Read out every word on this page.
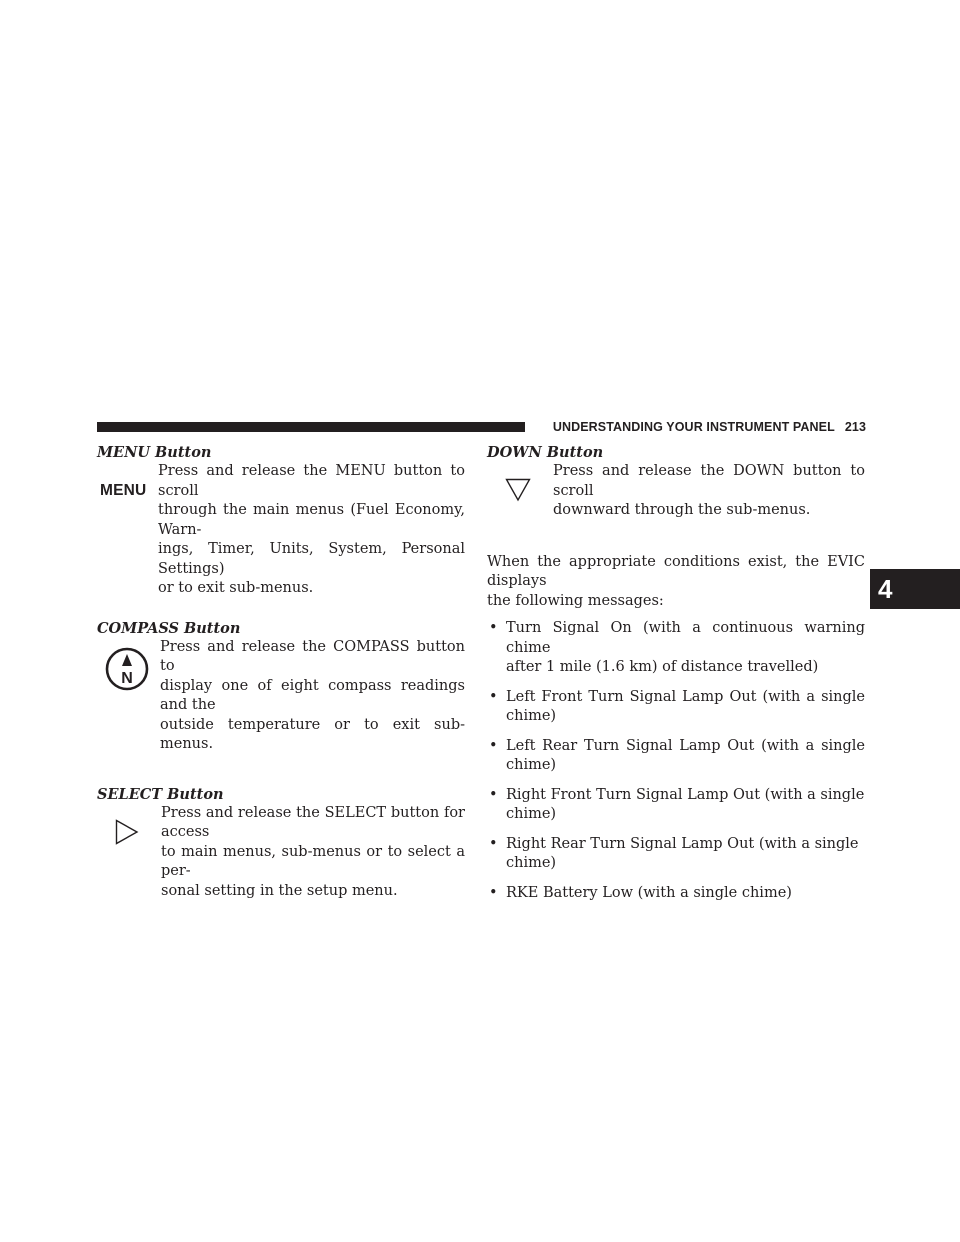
UNDERSTANDING YOUR INSTRUMENT PANEL 213
4
MENU Button
MENU
Press and release the MENU button to scroll
through the main menus (Fuel Economy, Warn-
ings, Timer, Units, System, Personal Settings)
or to exit sub-menus.
COMPASS Button
N
Press and release the COMPASS button to
display one of eight compass readings and the
outside temperature or to exit sub-menus.
SELECT Button
Press and release the SELECT button for access
to main menus, sub-menus or to select a per-
sonal setting in the setup menu.
DOWN Button
Press and release the DOWN button to scroll
downward through the sub-menus.

When the appropriate conditions exist, the EVIC displays
the following messages:

• Turn Signal On (with a continuous warning chime
after 1 mile (1.6 km) of distance travelled)
• Left Front Turn Signal Lamp Out (with a single chime)
• Left Rear Turn Signal Lamp Out (with a single chime)
• Right Front Turn Signal Lamp Out (with a single
chime)
• Right Rear Turn Signal Lamp Out (with a single
chime)
• RKE Battery Low (with a single chime)
